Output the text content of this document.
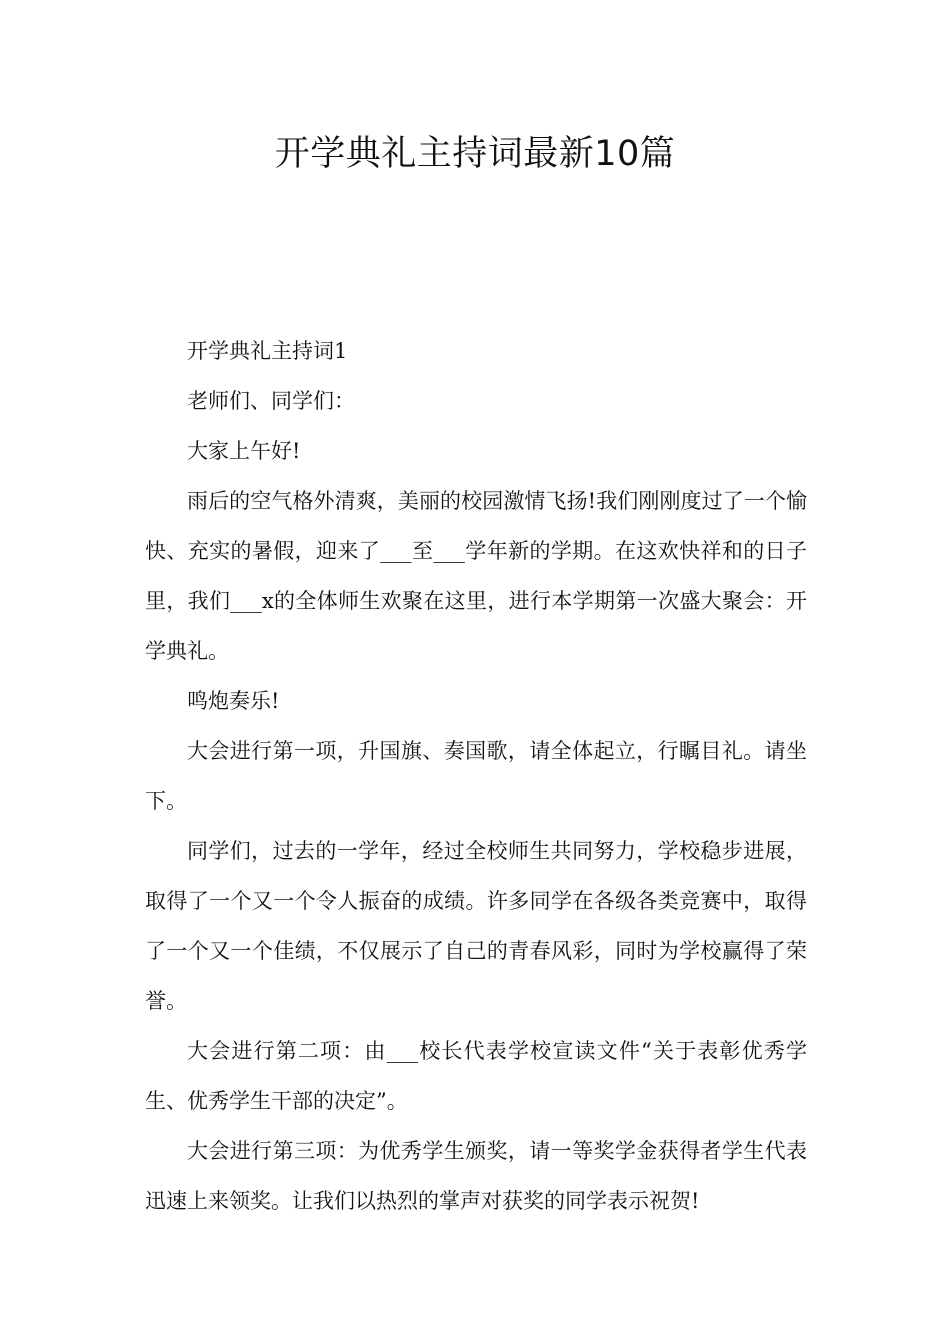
开学典礼主持词最新10篇

开学典礼主持词1

老师们、同学们：

大家上午好!

雨后的空气格外清爽，美丽的校园激情飞扬!我们刚刚度过了一个愉快、充实的暑假，迎来了___至___学年新的学期。在这欢快祥和的日子里，我们___x的全体师生欢聚在这里，进行本学期第一次盛大聚会：开学典礼。

鸣炮奏乐!

大会进行第一项，升国旗、奏国歌，请全体起立，行瞩目礼。请坐下。

同学们，过去的一学年，经过全校师生共同努力，学校稳步进展，取得了一个又一个令人振奋的成绩。许多同学在各级各类竞赛中，取得了一个又一个佳绩，不仅展示了自己的青春风彩，同时为学校赢得了荣誉。

大会进行第二项：由___校长代表学校宣读文件“关于表彰优秀学生、优秀学生干部的决定”。

大会进行第三项：为优秀学生颁奖，请一等奖学金获得者学生代表迅速上来领奖。让我们以热烈的掌声对获奖的同学表示祝贺!
